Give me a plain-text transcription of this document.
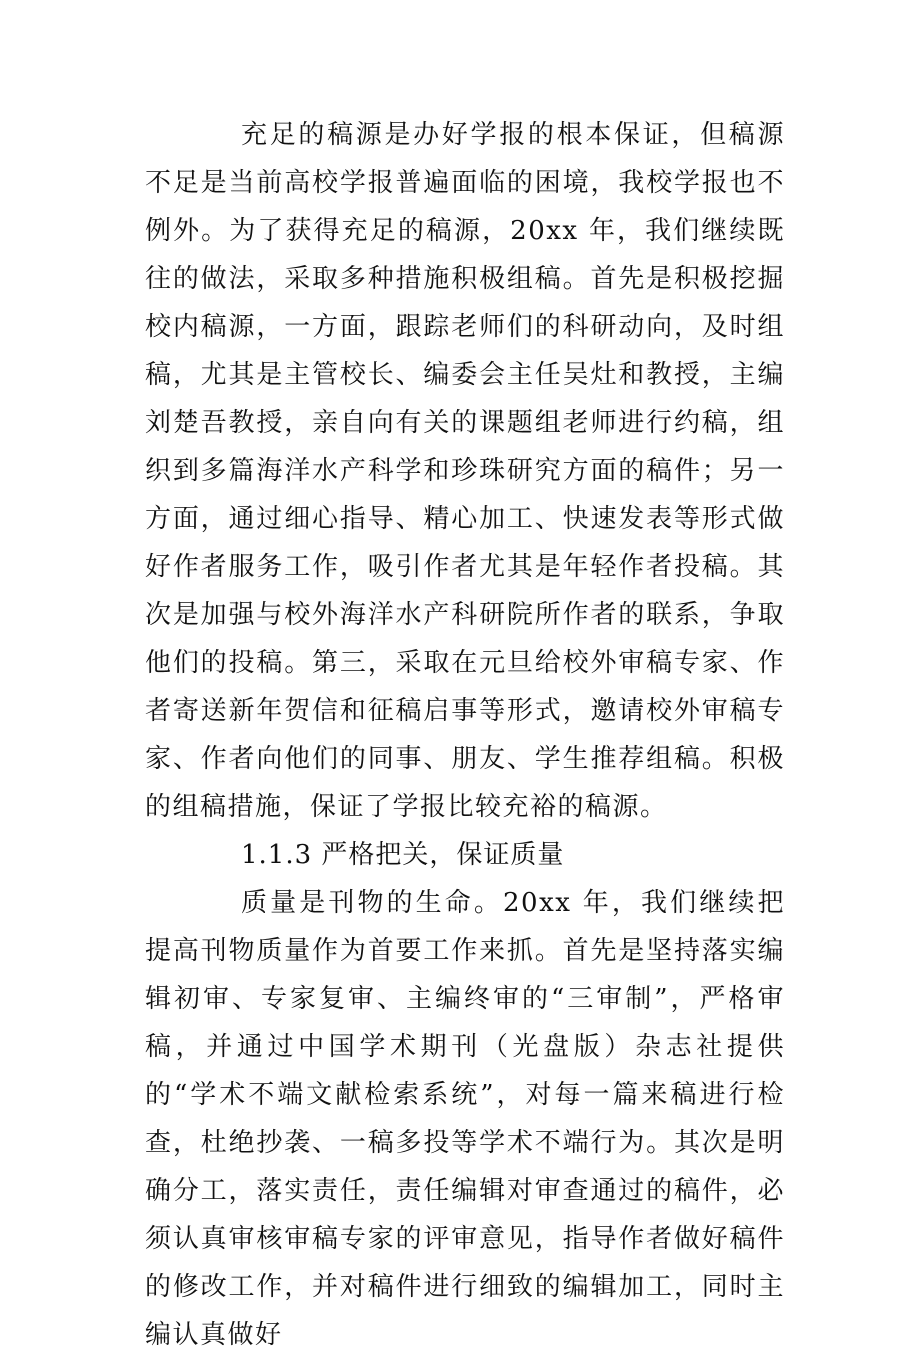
充足的稿源是办好学报的根本保证，但稿源不足是当前高校学报普遍面临的困境，我校学报也不例外。为了获得充足的稿源，20xx 年，我们继续既往的做法，采取多种措施积极组稿。首先是积极挖掘校内稿源，一方面，跟踪老师们的科研动向，及时组稿，尤其是主管校长、编委会主任吴灶和教授，主编刘楚吾教授，亲自向有关的课题组老师进行约稿，组织到多篇海洋水产科学和珍珠研究方面的稿件；另一方面，通过细心指导、精心加工、快速发表等形式做好作者服务工作，吸引作者尤其是年轻作者投稿。其次是加强与校外海洋水产科研院所作者的联系，争取他们的投稿。第三，采取在元旦给校外审稿专家、作者寄送新年贺信和征稿启事等形式，邀请校外审稿专家、作者向他们的同事、朋友、学生推荐组稿。积极的组稿措施，保证了学报比较充裕的稿源。

1.1.3 严格把关，保证质量

质量是刊物的生命。20xx 年，我们继续把提高刊物质量作为首要工作来抓。首先是坚持落实编辑初审、专家复审、主编终审的“三审制”，严格审稿，并通过中国学术期刊（光盘版）杂志社提供的“学术不端文献检索系统”，对每一篇来稿进行检查，杜绝抄袭、一稿多投等学术不端行为。其次是明确分工，落实责任，责任编辑对审查通过的稿件，必须认真审核审稿专家的评审意见，指导作者做好稿件的修改工作，并对稿件进行细致的编辑加工，同时主编认真做好
